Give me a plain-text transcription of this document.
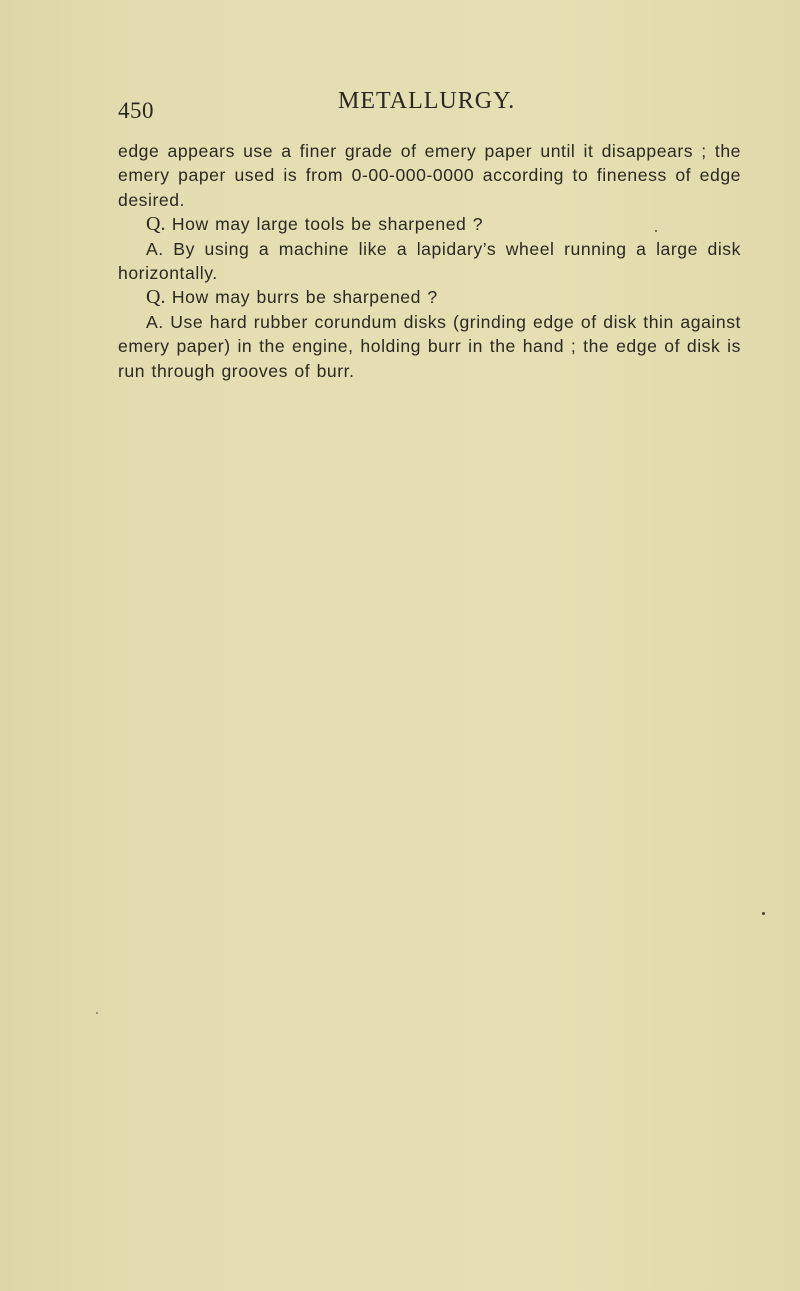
450	METALLURGY.

edge appears use a finer grade of emery paper until it disappears ; the emery paper used is from 0-00-000-0000 according to fineness of edge desired.

Q. How may large tools be sharpened ?

A. By using a machine like a lapidary’s wheel running a large disk horizontally.

Q. How may burrs be sharpened ?

A. Use hard rubber corundum disks (grinding edge of disk thin against emery paper) in the engine, holding burr in the hand ; the edge of disk is run through grooves of burr.
